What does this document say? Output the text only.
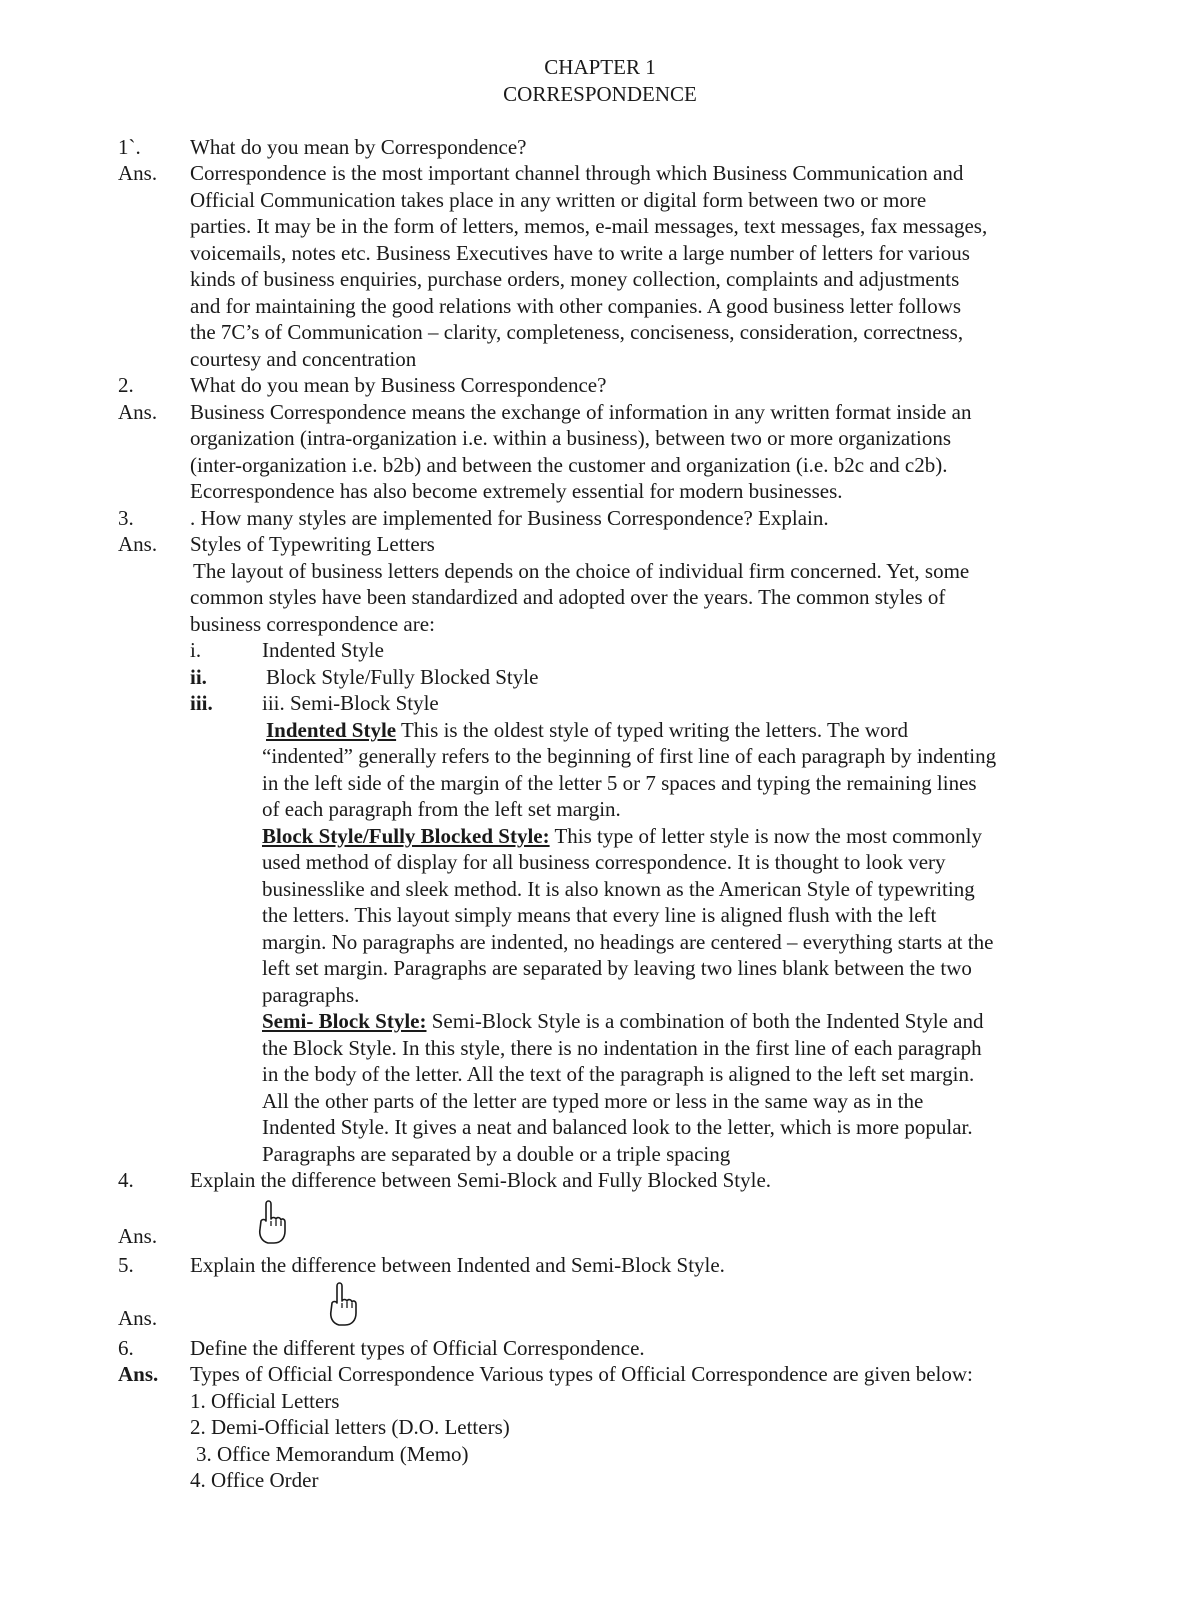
CHAPTER 1
CORRESPONDENCE
1`. What do you mean by Correspondence?
Ans. Correspondence is the most important channel through which Business Communication and
Official Communication takes place in any written or digital form between two or more
parties. It may be in the form of letters, memos, e-mail messages, text messages, fax messages,
voicemails, notes etc. Business Executives have to write a large number of letters for various
kinds of business enquiries, purchase orders, money collection, complaints and adjustments
and for maintaining the good relations with other companies. A good business letter follows
the 7C’s of Communication – clarity, completeness, conciseness, consideration, correctness,
courtesy and concentration
2.	What do you mean by Business Correspondence?
Ans. Business Correspondence means the exchange of information in any written format inside an
organization (intra-organization i.e. within a business), between two or more organizations
(inter-organization i.e. b2b) and between the customer and organization (i.e. b2c and c2b).
Ecorrespondence has also become extremely essential for modern businesses.
3.	. How many styles are implemented for Business Correspondence? Explain.
Ans. Styles of Typewriting Letters
The layout of business letters depends on the choice of individual firm concerned. Yet, some
common styles have been standardized and adopted over the years. The common styles of
business correspondence are:
i.	Indented Style
ii.	Block Style/Fully Blocked Style
iii. iii. Semi-Block Style
Indented Style This is the oldest style of typed writing the letters. The word
“indented” generally refers to the beginning of first line of each paragraph by indenting
in the left side of the margin of the letter 5 or 7 spaces and typing the remaining lines
of each paragraph from the left set margin.
Block Style/Fully Blocked Style: This type of letter style is now the most commonly
used method of display for all business correspondence. It is thought to look very
businesslike and sleek method. It is also known as the American Style of typewriting
the letters. This layout simply means that every line is aligned flush with the left
margin. No paragraphs are indented, no headings are centered – everything starts at the
left set margin. Paragraphs are separated by leaving two lines blank between the two
paragraphs.
Semi- Block Style: Semi-Block Style is a combination of both the Indented Style and
the Block Style. In this style, there is no indentation in the first line of each paragraph
in the body of the letter. All the text of the paragraph is aligned to the left set margin.
All the other parts of the letter are typed more or less in the same way as in the
Indented Style. It gives a neat and balanced look to the letter, which is more popular.
Paragraphs are separated by a double or a triple spacing
4.	Explain the difference between Semi-Block and Fully Blocked Style.
Ans.
5.	Explain the difference between Indented and Semi-Block Style.
Ans.
6.	Define the different types of Official Correspondence.
Ans. Types of Official Correspondence Various types of Official Correspondence are given below:
1. Official Letters
2. Demi-Official letters (D.O. Letters)
3. Office Memorandum (Memo)
4. Office Order
